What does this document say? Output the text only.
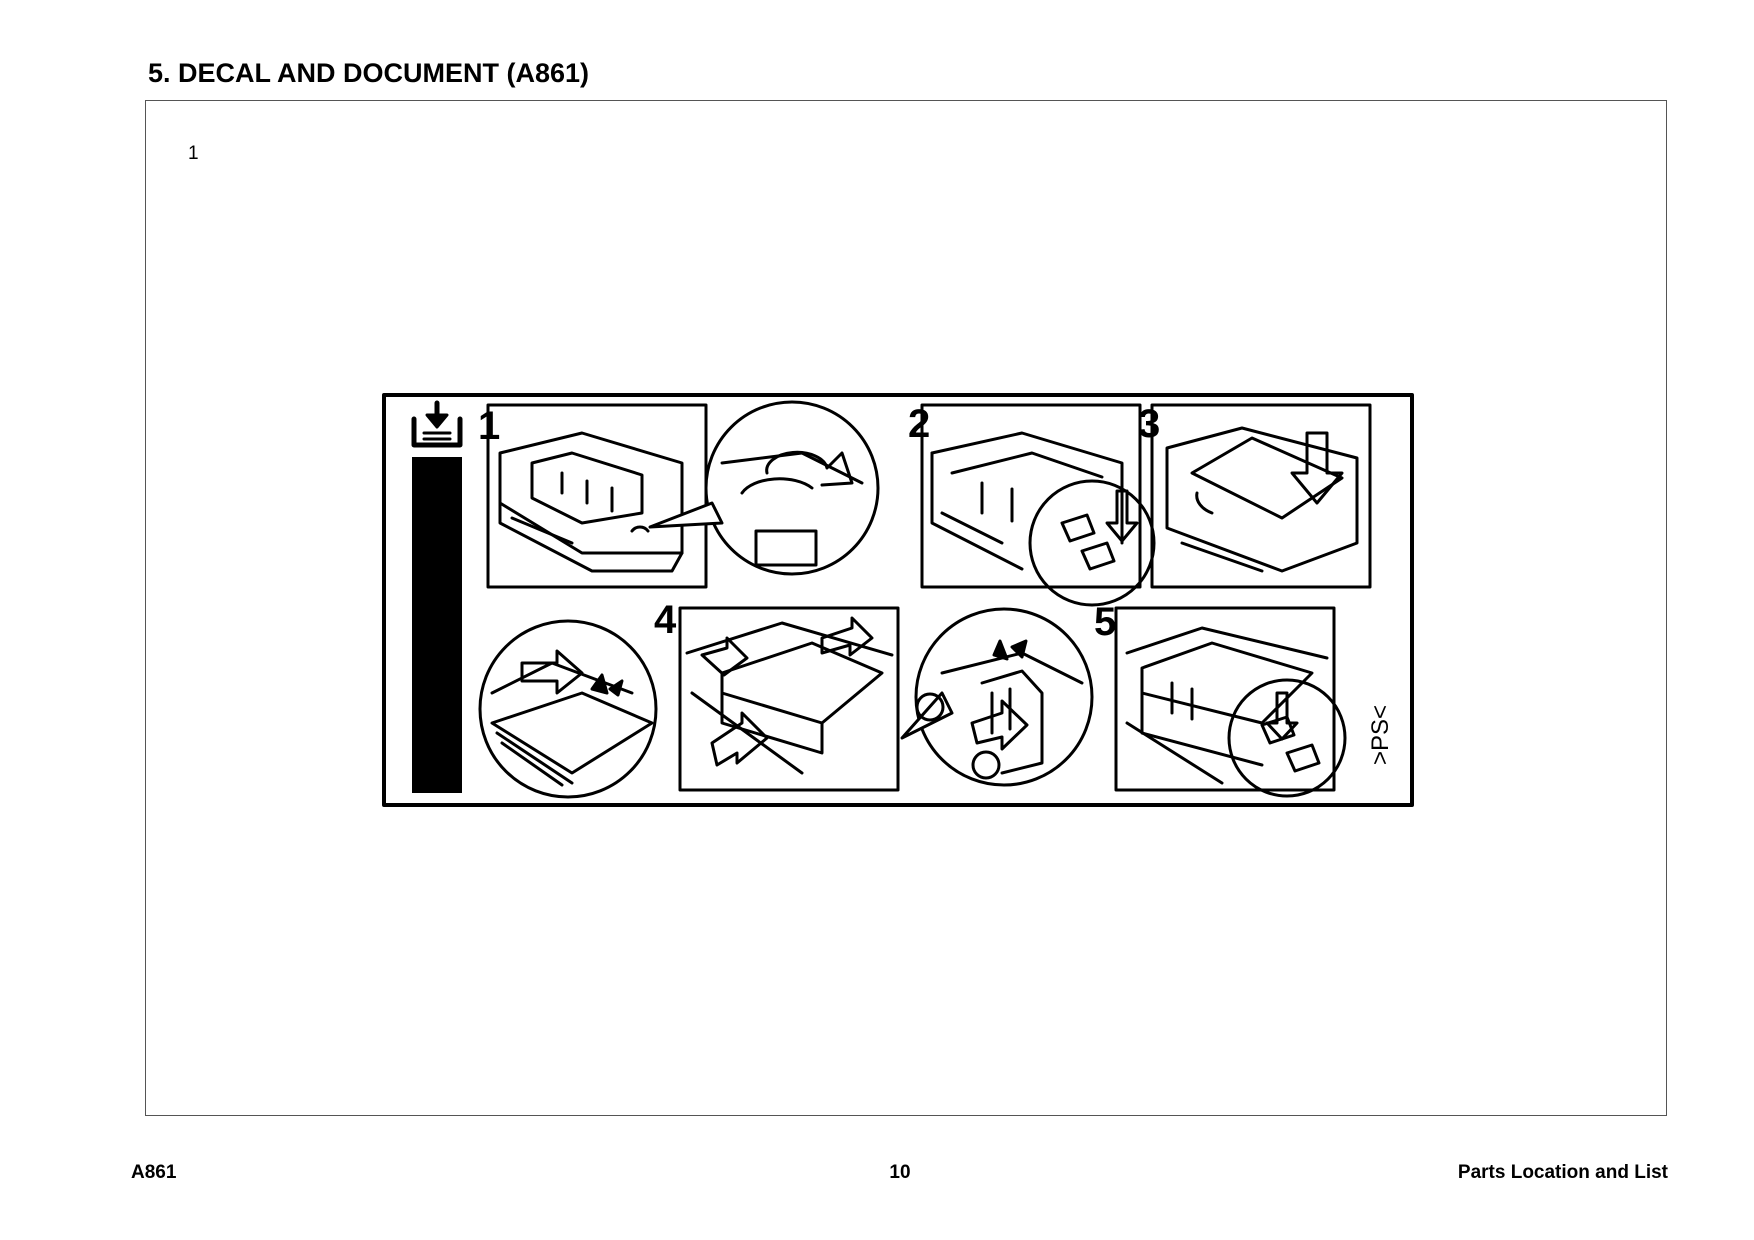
5. DECAL AND DOCUMENT (A861)
1
1	2	3
4	5
>PS<
A861	10	Parts Location and List
